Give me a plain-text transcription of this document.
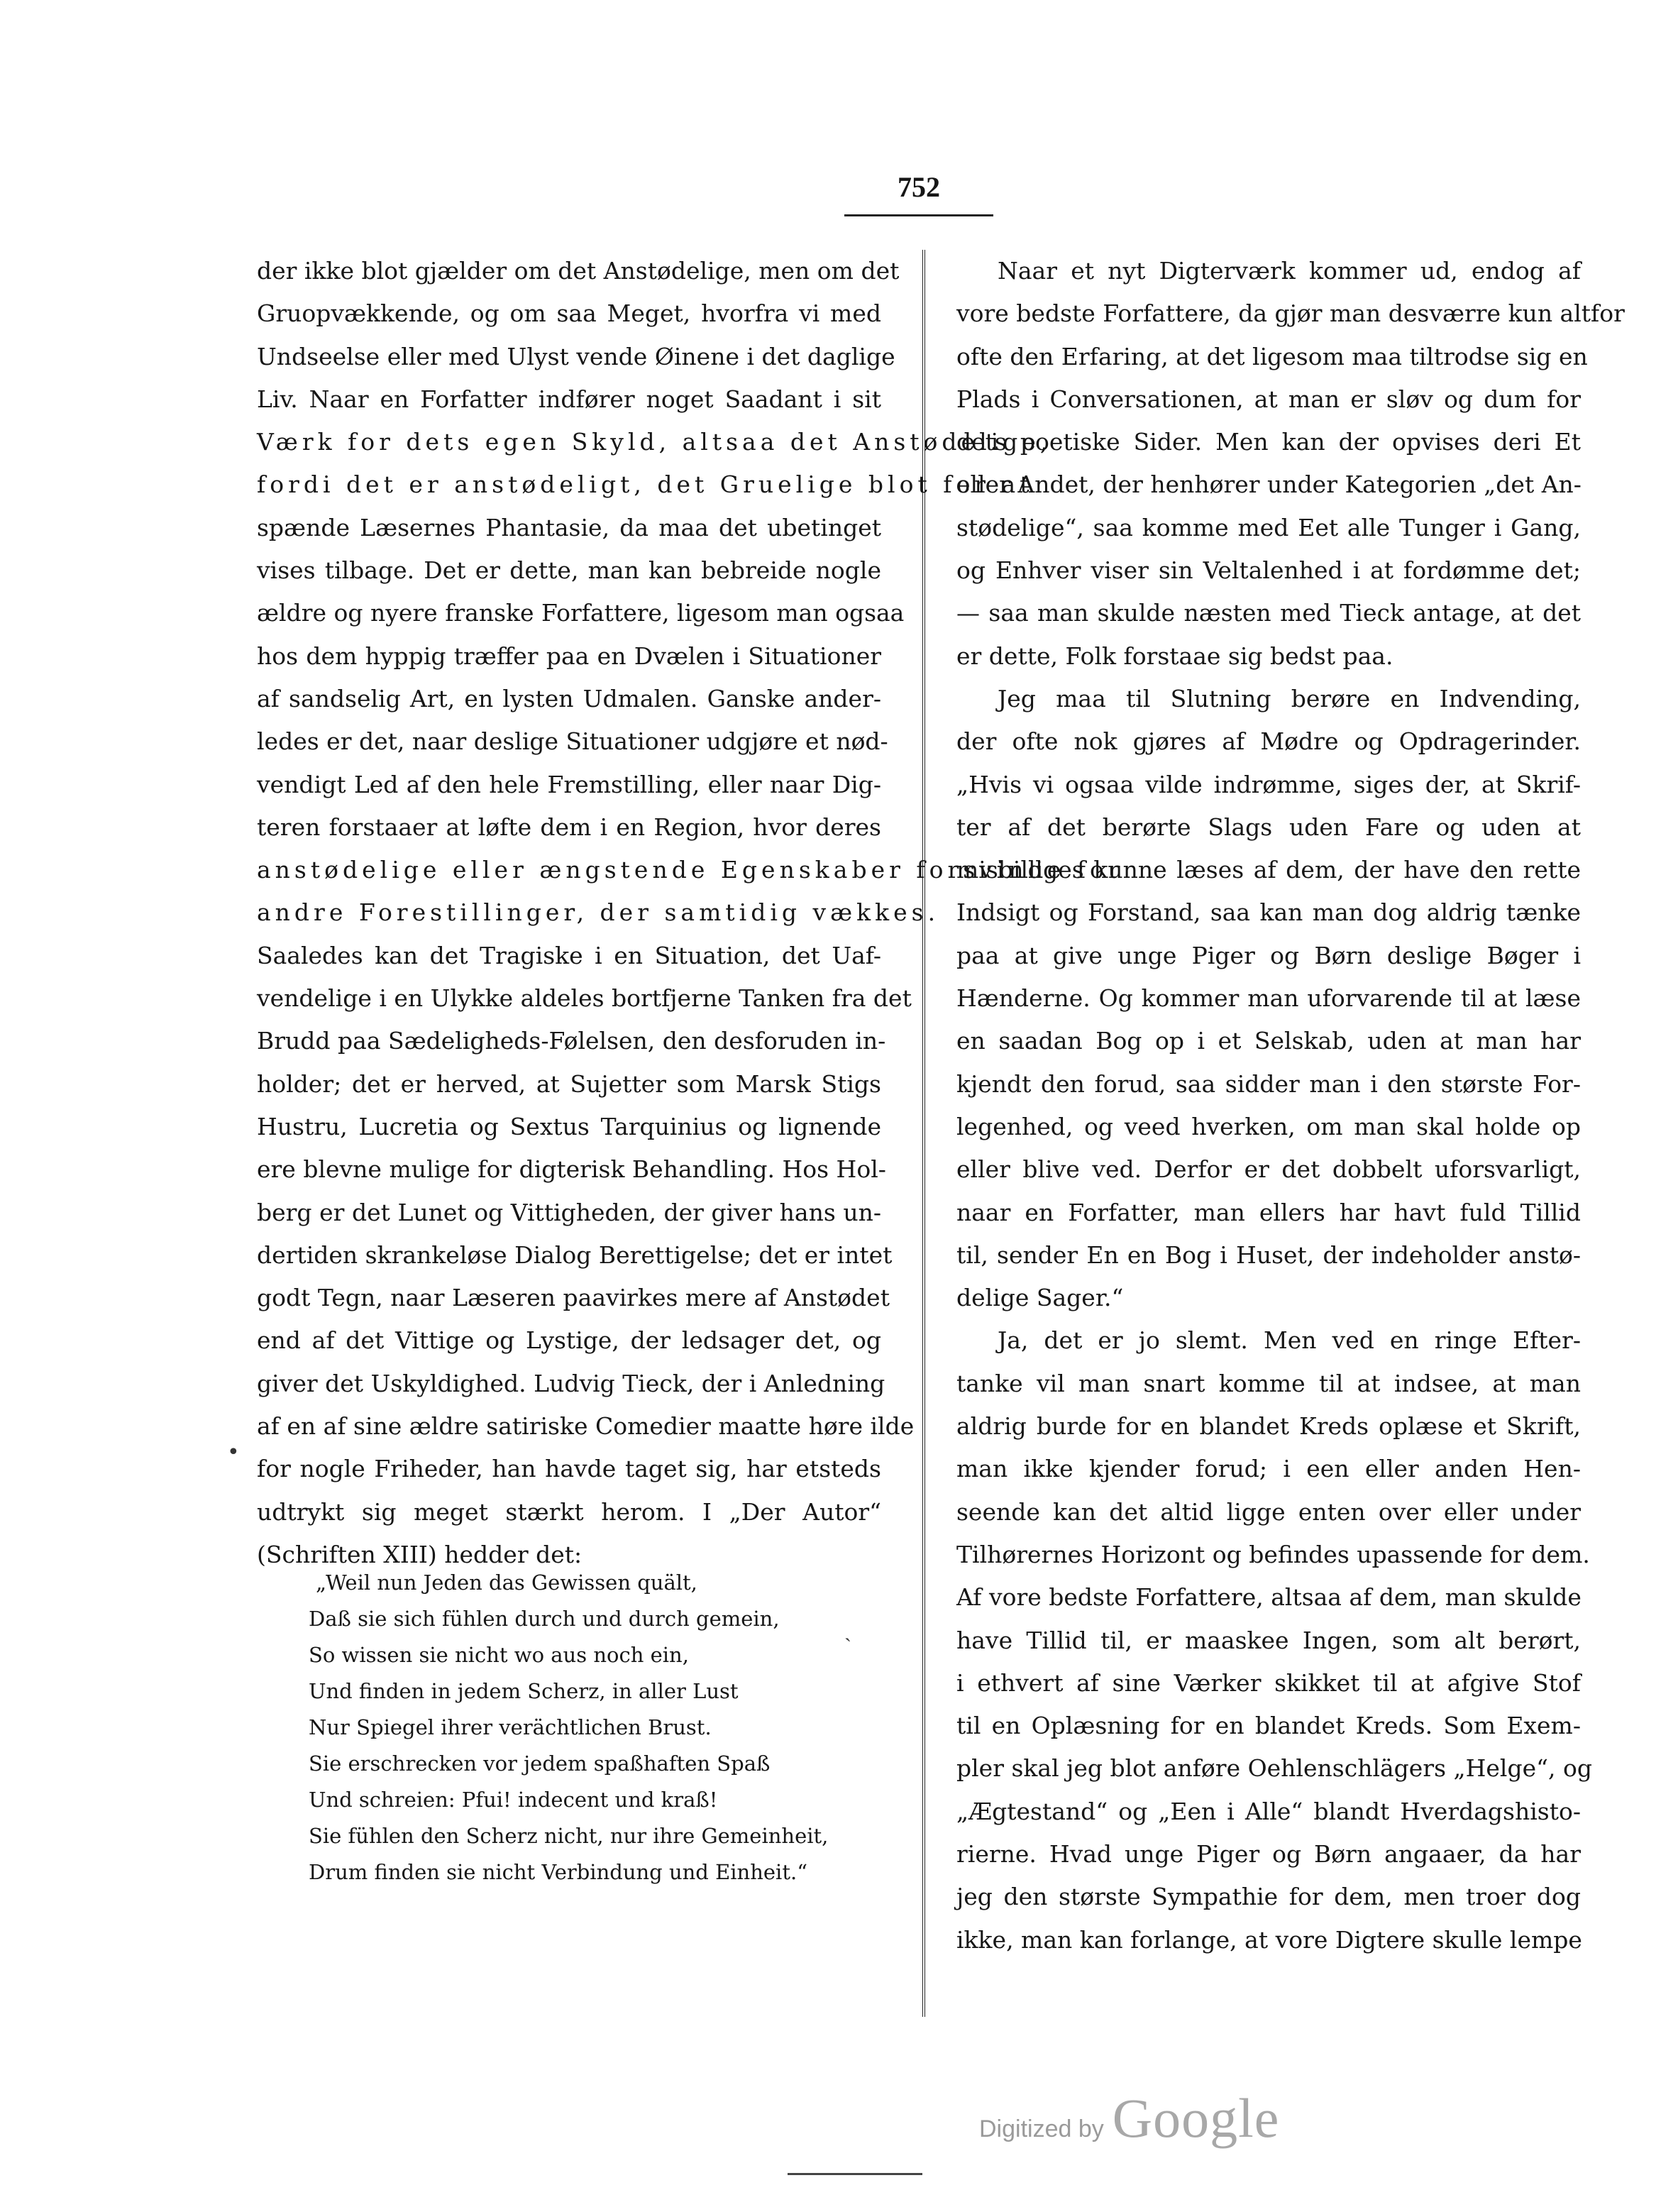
752
der ikke blot gjælder om det Anstødelige, men om det
Gruopvækkende, og om saa Meget, hvorfra vi med
Undseelse eller med Ulyst vende Øinene i det daglige
Liv. Naar en Forfatter indfører noget Saadant i sit
Værk for dets egen Skyld, altsaa det Anstødelige,
fordi det er anstødeligt, det Gruelige blot for at
spænde Læsernes Phantasie, da maa det ubetinget
vises tilbage. Det er dette, man kan bebreide nogle
ældre og nyere franske Forfattere, ligesom man ogsaa
hos dem hyppig træffer paa en Dvælen i Situationer
af sandselig Art, en lysten Udmalen. Ganske ander-
ledes er det, naar deslige Situationer udgjøre et nød-
vendigt Led af den hele Fremstilling, eller naar Dig-
teren forstaaer at løfte dem i en Region, hvor deres
anstødelige eller ængstende Egenskaber forsvinde for
andre Forestillinger, der samtidig vækkes.
Saaledes kan det Tragiske i en Situation, det Uaf-
vendelige i en Ulykke aldeles bortfjerne Tanken fra det
Brudd paa Sædeligheds-Følelsen, den desforuden in-
holder; det er herved, at Sujetter som Marsk Stigs
Hustru, Lucretia og Sextus Tarquinius og lignende
ere blevne mulige for digterisk Behandling. Hos Hol-
berg er det Lunet og Vittigheden, der giver hans un-
dertiden skrankeløse Dialog Berettigelse; det er intet
godt Tegn, naar Læseren paavirkes mere af Anstødet
end af det Vittige og Lystige, der ledsager det, og
giver det Uskyldighed. Ludvig Tieck, der i Anledning
af en af sine ældre satiriske Comedier maatte høre ilde
for nogle Friheder, han havde taget sig, har etsteds
udtrykt sig meget stærkt herom. I „Der Autor“
(Schriften XIII) hedder det:
„Weil nun Jeden das Gewissen quält,
Daß sie sich fühlen durch und durch gemein,
So wissen sie nicht wo aus noch ein,
Und finden in jedem Scherz, in aller Lust
Nur Spiegel ihrer verächtlichen Brust.
Sie erschrecken vor jedem spaßhaften Spaß
Und schreien: Pfui! indecent und kraß!
Sie fühlen den Scherz nicht, nur ihre Gemeinheit,
Drum finden sie nicht Verbindung und Einheit.“
Naar et nyt Digterværk kommer ud, endog af
vore bedste Forfattere, da gjør man desværre kun altfor
ofte den Erfaring, at det ligesom maa tiltrodse sig en
Plads i Conversationen, at man er sløv og dum for
dets poetiske Sider. Men kan der opvises deri Et
eller Andet, der henhører under Kategorien „det An-
stødelige“, saa komme med Eet alle Tunger i Gang,
og Enhver viser sin Veltalenhed i at fordømme det;
— saa man skulde næsten med Tieck antage, at det
er dette, Folk forstaae sig bedst paa.
Jeg maa til Slutning berøre en Indvending,
der ofte nok gjøres af Mødre og Opdragerinder.
„Hvis vi ogsaa vilde indrømme, siges der, at Skrif-
ter af det berørte Slags uden Fare og uden at
misbilliges kunne læses af dem, der have den rette
Indsigt og Forstand, saa kan man dog aldrig tænke
paa at give unge Piger og Børn deslige Bøger i
Hænderne. Og kommer man uforvarende til at læse
en saadan Bog op i et Selskab, uden at man har
kjendt den forud, saa sidder man i den største For-
legenhed, og veed hverken, om man skal holde op
eller blive ved. Derfor er det dobbelt uforsvarligt,
naar en Forfatter, man ellers har havt fuld Tillid
til, sender En en Bog i Huset, der indeholder anstø-
delige Sager.“
Ja, det er jo slemt. Men ved en ringe Efter-
tanke vil man snart komme til at indsee, at man
aldrig burde for en blandet Kreds oplæse et Skrift,
man ikke kjender forud; i een eller anden Hen-
seende kan det altid ligge enten over eller under
Tilhørernes Horizont og befindes upassende for dem.
Af vore bedste Forfattere, altsaa af dem, man skulde
have Tillid til, er maaskee Ingen, som alt berørt,
i ethvert af sine Værker skikket til at afgive Stof
til en Oplæsning for en blandet Kreds. Som Exem-
pler skal jeg blot anføre Oehlenschlägers „Helge“, og
„Ægtestand“ og „Een i Alle“ blandt Hverdagshisto-
rierne. Hvad unge Piger og Børn angaaer, da har
jeg den største Sympathie for dem, men troer dog
ikke, man kan forlange, at vore Digtere skulle lempe
•
˴
Digitized by Google
